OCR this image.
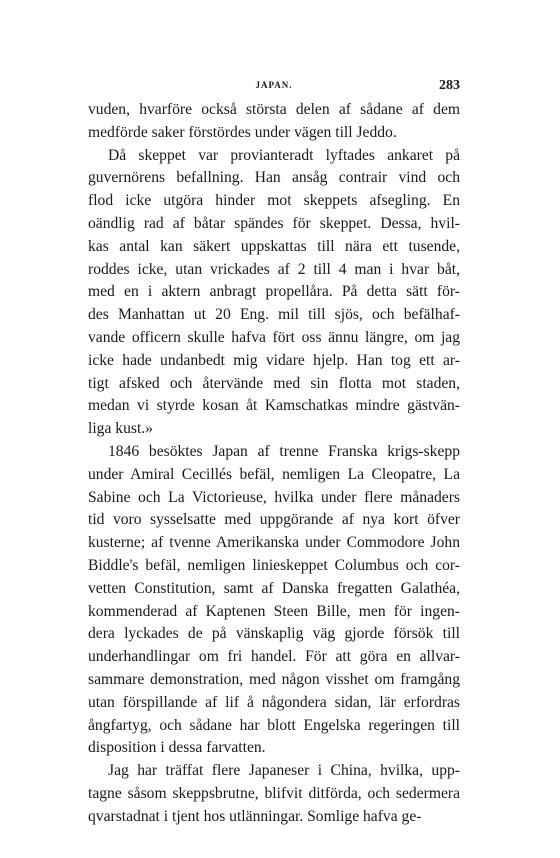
JAPAN.	283
vuden, hvarföre också största delen af sådane af dem
medförde saker förstördes under vägen till Jeddo.
Då skeppet var provianteradt lyftades ankaret på
guvernörens befallning. Han ansåg contrair vind och
flod icke utgöra hinder mot skeppets afsegling. En
oändlig rad af båtar spändes för skeppet. Dessa, hvil-
kas antal kan säkert uppskattas till nära ett tusende,
roddes icke, utan vrickades af 2 till 4 man i hvar båt,
med en i aktern anbragt propellåra. På detta sätt för-
des Manhattan ut 20 Eng. mil till sjös, och befälhaf-
vande officern skulle hafva fört oss ännu längre, om jag
icke hade undanbedt mig vidare hjelp. Han tog ett ar-
tigt afsked och återvände med sin flotta mot staden,
medan vi styrde kosan åt Kamschatkas mindre gästvän-
liga kust.»
1846 besöktes Japan af trenne Franska krigs-skepp
under Amiral Cecillés befäl, nemligen La Cleopatre, La
Sabine och La Victorieuse, hvilka under flere månaders
tid voro sysselsatte med uppgörande af nya kort öfver
kusterne; af tvenne Amerikanska under Commodore John
Biddle's befäl, nemligen linieskeppet Columbus och cor-
vetten Constitution, samt af Danska fregatten Galathéa,
kommenderad af Kaptenen Steen Bille, men för ingen-
dera lyckades de på vänskaplig väg gjorde försök till
underhandlingar om fri handel. För att göra en allvar-
sammare demonstration, med någon visshet om framgång
utan förspillande af lif å någondera sidan, lär erfordras
ångfartyg, och sådane har blott Engelska regeringen till
disposition i dessa farvatten.
Jag har träffat flere Japaneser i China, hvilka, upp-
tagne såsom skeppsbrutne, blifvit ditförda, och sedermera
qvarstadnat i tjent hos utlänningar. Somlige hafva ge-
